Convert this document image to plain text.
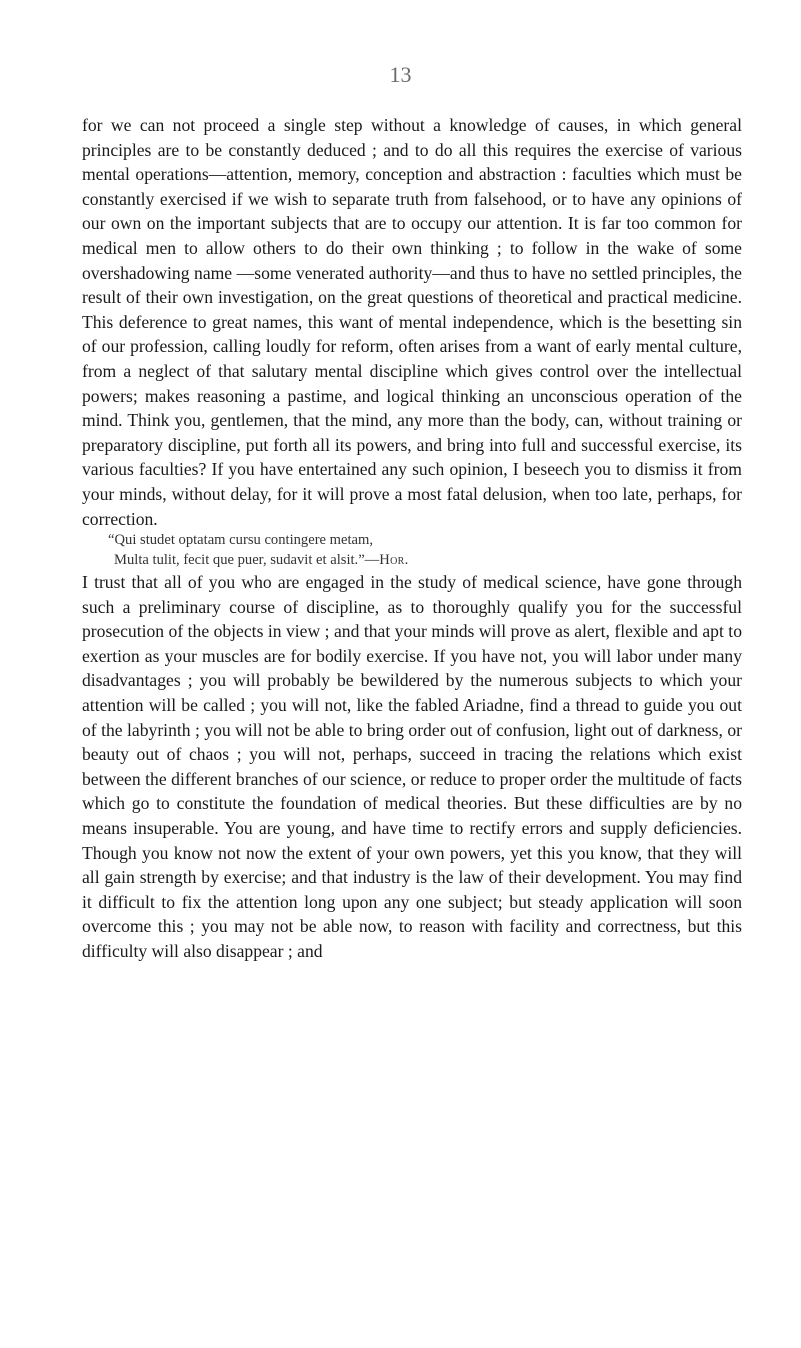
13

for we can not proceed a single step without a knowledge of causes, in which general principles are to be constantly deduced ; and to do all this requires the exercise of various mental operations—attention, memory, conception and abstraction : faculties which must be constantly exercised if we wish to separate truth from falsehood, or to have any opinions of our own on the important subjects that are to occupy our attention. It is far too common for medical men to allow others to do their own thinking ; to follow in the wake of some overshadowing name —some venerated authority—and thus to have no settled principles, the result of their own investigation, on the great questions of theoretical and practical medicine. This deference to great names, this want of mental independence, which is the besetting sin of our profession, calling loudly for reform, often arises from a want of early mental culture, from a neglect of that salutary mental discipline which gives control over the intellectual powers; makes reasoning a pastime, and logical thinking an unconscious operation of the mind. Think you, gentlemen, that the mind, any more than the body, can, without training or preparatory discipline, put forth all its powers, and bring into full and successful exercise, its various faculties? If you have entertained any such opinion, I beseech you to dismiss it from your minds, without delay, for it will prove a most fatal delusion, when too late, perhaps, for correction.

“Qui studet optatam cursu contingere metam,
Multa tulit, fecit que puer, sudavit et alsit.”—Hor.

I trust that all of you who are engaged in the study of medical science, have gone through such a preliminary course of discipline, as to thoroughly qualify you for the successful prosecution of the objects in view ; and that your minds will prove as alert, flexible and apt to exertion as your muscles are for bodily exercise. If you have not, you will labor under many disadvantages ; you will probably be bewildered by the numerous subjects to which your attention will be called ; you will not, like the fabled Ariadne, find a thread to guide you out of the labyrinth ; you will not be able to bring order out of confusion, light out of darkness, or beauty out of chaos ; you will not, perhaps, succeed in tracing the relations which exist between the different branches of our science, or reduce to proper order the multitude of facts which go to constitute the foundation of medical theories. But these difficulties are by no means insuperable. You are young, and have time to rectify errors and supply deficiencies. Though you know not now the extent of your own powers, yet this you know, that they will all gain strength by exercise; and that industry is the law of their development. You may find it difficult to fix the attention long upon any one subject; but steady application will soon overcome this ; you may not be able now, to reason with facility and correctness, but this difficulty will also disappear ; and
